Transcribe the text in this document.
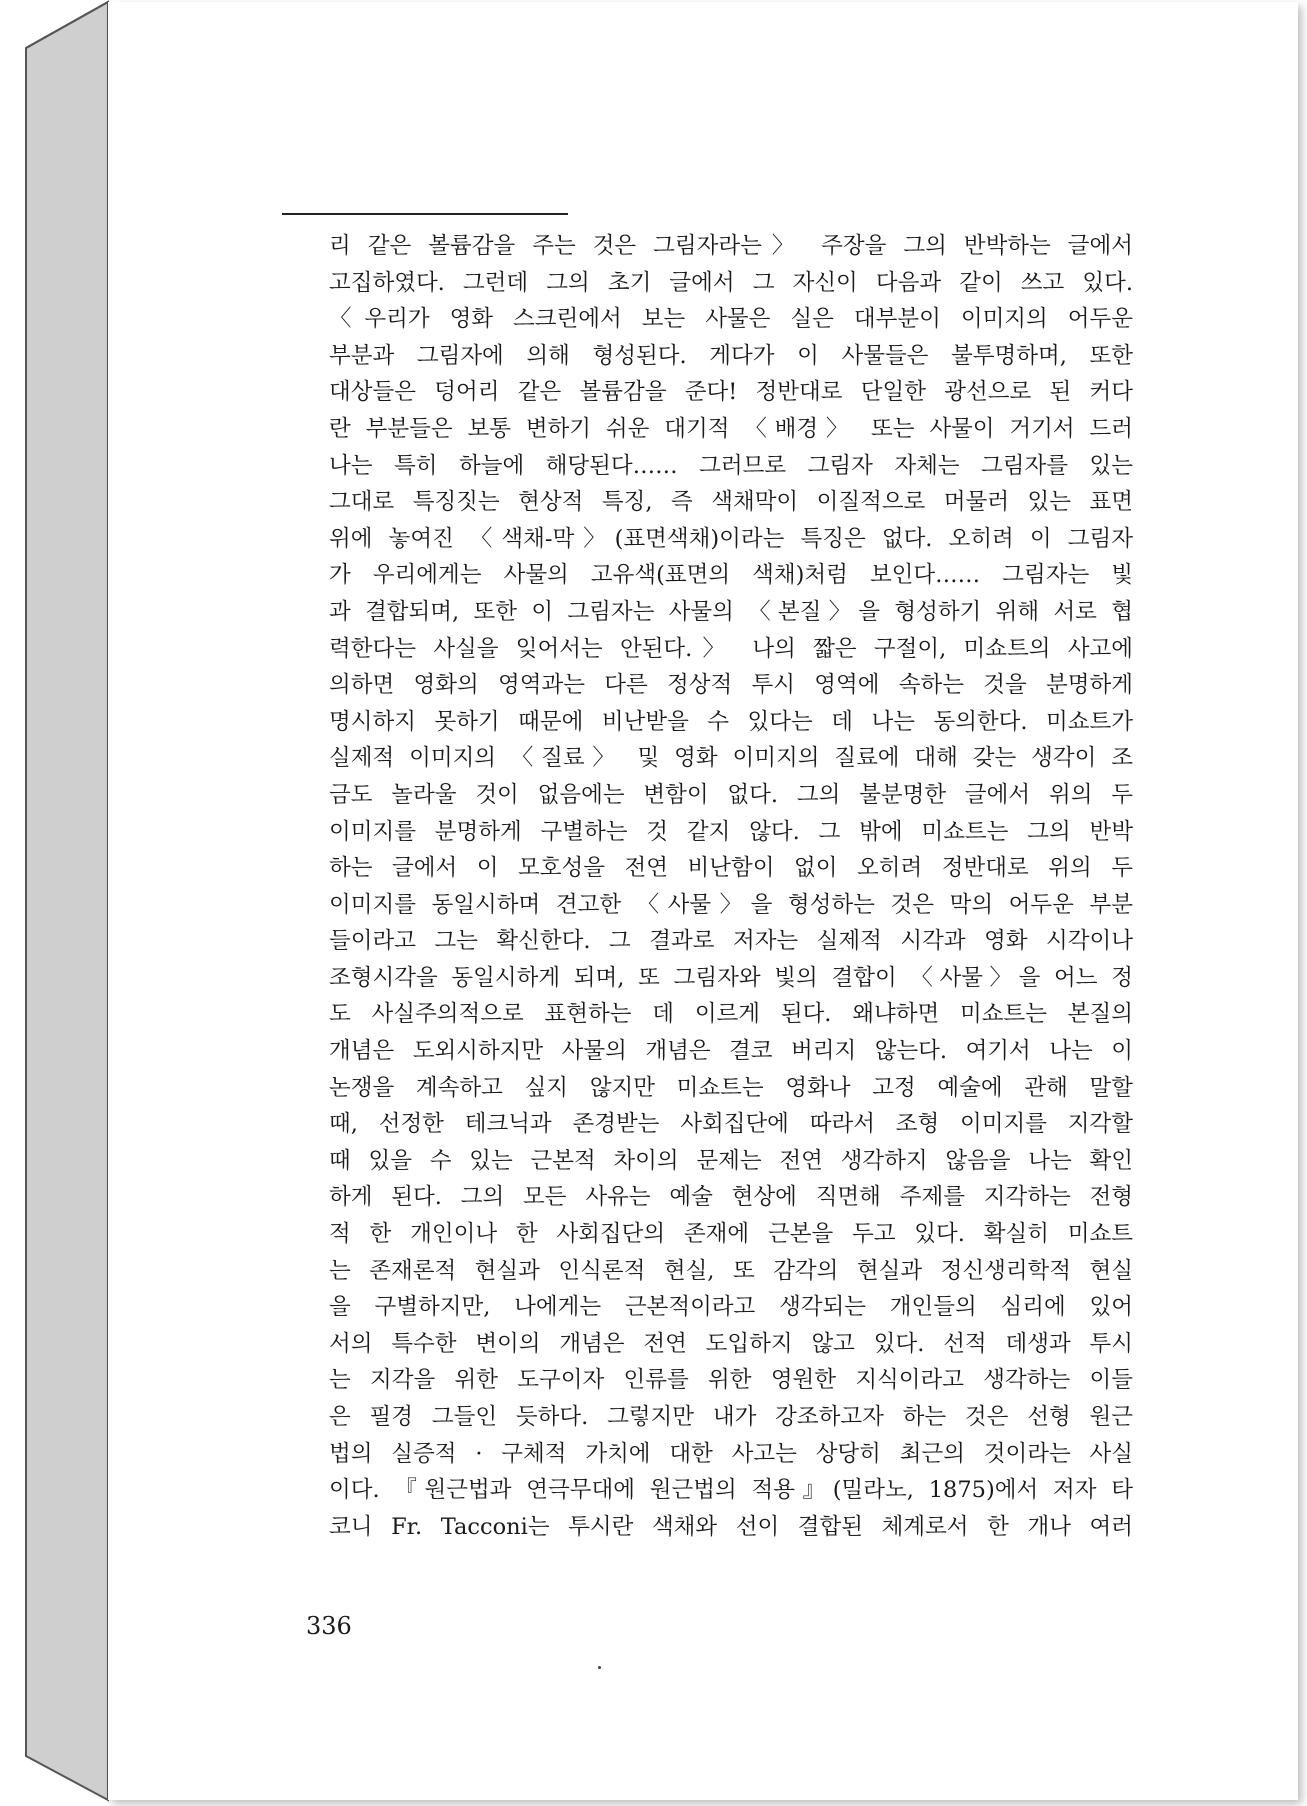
리 같은 볼륨감을 주는 것은 그림자라는〉 주장을 그의 반박하는 글에서
고집하였다. 그런데 그의 초기 글에서 그 자신이 다음과 같이 쓰고 있다.
〈우리가 영화 스크린에서 보는 사물은 실은 대부분이 이미지의 어두운
부분과 그림자에 의해 형성된다. 게다가 이 사물들은 불투명하며, 또한
대상들은 덩어리 같은 볼륨감을 준다! 정반대로 단일한 광선으로 된 커다
란 부분들은 보통 변하기 쉬운 대기적 〈배경〉 또는 사물이 거기서 드러
나는 특히 하늘에 해당된다…… 그러므로 그림자 자체는 그림자를 있는
그대로 특징짓는 현상적 특징, 즉 색채막이 이질적으로 머물러 있는 표면
위에 놓여진 〈색채-막〉(표면색채)이라는 특징은 없다. 오히려 이 그림자
가 우리에게는 사물의 고유색(표면의 색채)처럼 보인다…… 그림자는 빛
과 결합되며, 또한 이 그림자는 사물의 〈본질〉을 형성하기 위해 서로 협
력한다는 사실을 잊어서는 안된다.〉 나의 짧은 구절이, 미쇼트의 사고에
의하면 영화의 영역과는 다른 정상적 투시 영역에 속하는 것을 분명하게
명시하지 못하기 때문에 비난받을 수 있다는 데 나는 동의한다. 미쇼트가
실제적 이미지의 〈질료〉 및 영화 이미지의 질료에 대해 갖는 생각이 조
금도 놀라울 것이 없음에는 변함이 없다. 그의 불분명한 글에서 위의 두
이미지를 분명하게 구별하는 것 같지 않다. 그 밖에 미쇼트는 그의 반박
하는 글에서 이 모호성을 전연 비난함이 없이 오히려 정반대로 위의 두
이미지를 동일시하며 견고한 〈사물〉을 형성하는 것은 막의 어두운 부분
들이라고 그는 확신한다. 그 결과로 저자는 실제적 시각과 영화 시각이나
조형시각을 동일시하게 되며, 또 그림자와 빛의 결합이 〈사물〉을 어느 정
도 사실주의적으로 표현하는 데 이르게 된다. 왜냐하면 미쇼트는 본질의
개념은 도외시하지만 사물의 개념은 결코 버리지 않는다. 여기서 나는 이
논쟁을 계속하고 싶지 않지만 미쇼트는 영화나 고정 예술에 관해 말할
때, 선정한 테크닉과 존경받는 사회집단에 따라서 조형 이미지를 지각할
때 있을 수 있는 근본적 차이의 문제는 전연 생각하지 않음을 나는 확인
하게 된다. 그의 모든 사유는 예술 현상에 직면해 주제를 지각하는 전형
적 한 개인이나 한 사회집단의 존재에 근본을 두고 있다. 확실히 미쇼트
는 존재론적 현실과 인식론적 현실, 또 감각의 현실과 정신생리학적 현실
을 구별하지만, 나에게는 근본적이라고 생각되는 개인들의 심리에 있어
서의 특수한 변이의 개념은 전연 도입하지 않고 있다. 선적 데생과 투시
는 지각을 위한 도구이자 인류를 위한 영원한 지식이라고 생각하는 이들
은 필경 그들인 듯하다. 그렇지만 내가 강조하고자 하는 것은 선형 원근
법의 실증적 · 구체적 가치에 대한 사고는 상당히 최근의 것이라는 사실
이다. 『원근법과 연극무대에 원근법의 적용』(밀라노, 1875)에서 저자 타
코니 Fr. Tacconi는 투시란 색채와 선이 결합된 체계로서 한 개나 여러
336
